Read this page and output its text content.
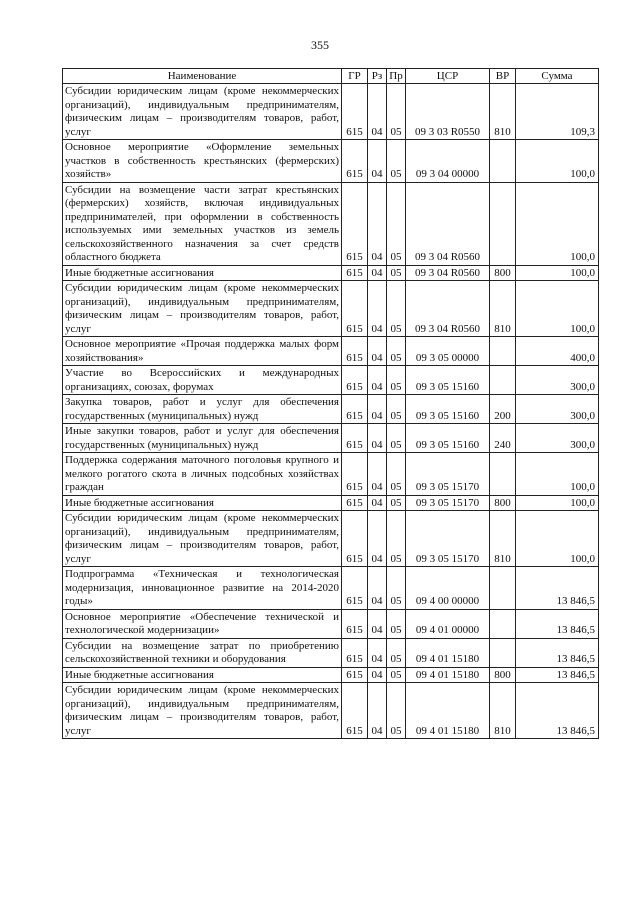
355
Наименование	ГР	Рз	Пр	ЦСР	ВР	Сумма
Субсидии юридическим лицам (кроме некоммерческих организаций), индивидуальным предпринимателям, физическим лицам – производителям товаров, работ, услуг	615	04	05	09 3 03 R0550	810	109,3
Основное мероприятие «Оформление земельных участков в собственность крестьянских (фермерских) хозяйств»	615	04	05	09 3 04 00000		100,0
Субсидии на возмещение части затрат крестьянских (фермерских) хозяйств, включая индивидуальных предпринимателей, при оформлении в собственность используемых ими земельных участков из земель сельскохозяйственного назначения за счет средств областного бюджета	615	04	05	09 3 04 R0560		100,0
Иные бюджетные ассигнования	615	04	05	09 3 04 R0560	800	100,0
Субсидии юридическим лицам (кроме некоммерческих организаций), индивидуальным предпринимателям, физическим лицам – производителям товаров, работ, услуг	615	04	05	09 3 04 R0560	810	100,0
Основное мероприятие «Прочая поддержка малых форм хозяйствования»	615	04	05	09 3 05 00000		400,0
Участие во Всероссийских и международных организациях, союзах, форумах	615	04	05	09 3 05 15160		300,0
Закупка товаров, работ и услуг для обеспечения государственных (муниципальных) нужд	615	04	05	09 3 05 15160	200	300,0
Иные закупки товаров, работ и услуг для обеспечения государственных (муниципальных) нужд	615	04	05	09 3 05 15160	240	300,0
Поддержка содержания маточного поголовья крупного и мелкого рогатого скота в личных подсобных хозяйствах граждан	615	04	05	09 3 05 15170		100,0
Иные бюджетные ассигнования	615	04	05	09 3 05 15170	800	100,0
Субсидии юридическим лицам (кроме некоммерческих организаций), индивидуальным предпринимателям, физическим лицам – производителям товаров, работ, услуг	615	04	05	09 3 05 15170	810	100,0
Подпрограмма «Техническая и технологическая модернизация, инновационное развитие на 2014-2020 годы»	615	04	05	09 4 00 00000		13 846,5
Основное мероприятие «Обеспечение технической и технологической модернизации»	615	04	05	09 4 01 00000		13 846,5
Субсидии на возмещение затрат по приобретению сельскохозяйственной техники и оборудования	615	04	05	09 4 01 15180		13 846,5
Иные бюджетные ассигнования	615	04	05	09 4 01 15180	800	13 846,5
Субсидии юридическим лицам (кроме некоммерческих организаций), индивидуальным предпринимателям, физическим лицам – производителям товаров, работ, услуг	615	04	05	09 4 01 15180	810	13 846,5
